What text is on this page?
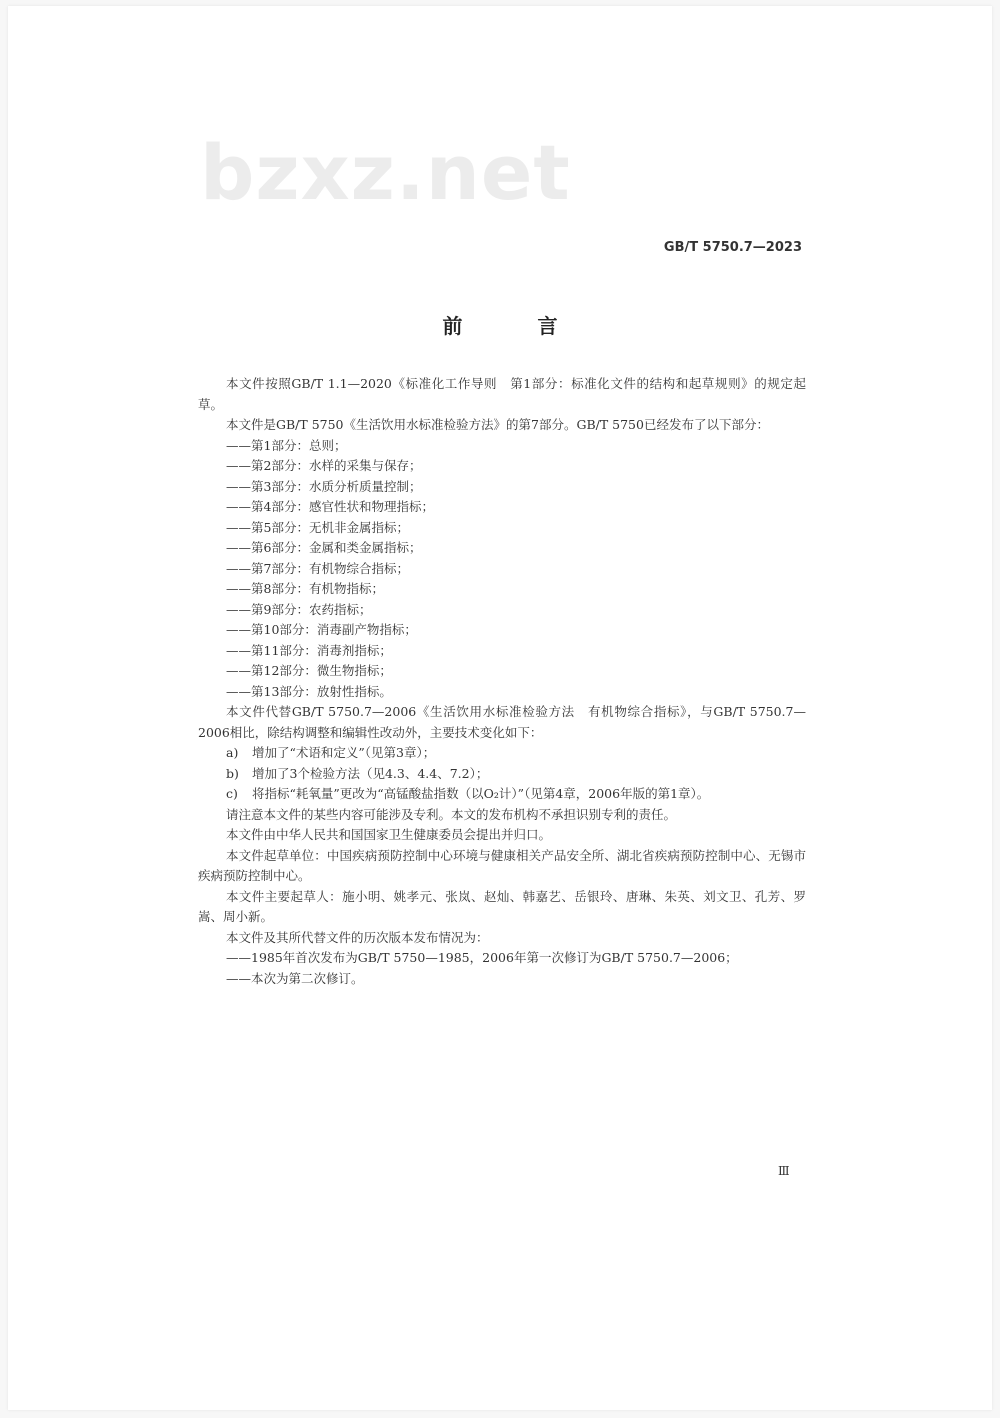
bzxz.net
GB/T 5750.7—2023
前 言

本文件按照GB/T 1.1—2020《标准化工作导则　第1部分：标准化文件的结构和起草规则》的规定起草。

本文件是GB/T 5750《生活饮用水标准检验方法》的第7部分。GB/T 5750已经发布了以下部分：

——第1部分：总则；

——第2部分：水样的采集与保存；

——第3部分：水质分析质量控制；

——第4部分：感官性状和物理指标；

——第5部分：无机非金属指标；

——第6部分：金属和类金属指标；

——第7部分：有机物综合指标；

——第8部分：有机物指标；

——第9部分：农药指标；

——第10部分：消毒副产物指标；

——第11部分：消毒剂指标；

——第12部分：微生物指标；

——第13部分：放射性指标。

本文件代替GB/T 5750.7—2006《生活饮用水标准检验方法　有机物综合指标》，与GB/T 5750.7—2006相比，除结构调整和编辑性改动外，主要技术变化如下：

a) 增加了“术语和定义”（见第3章）；

b) 增加了3个检验方法（见4.3、4.4、7.2）；

c) 将指标“耗氧量”更改为“高锰酸盐指数（以O₂计）”（见第4章，2006年版的第1章）。

请注意本文件的某些内容可能涉及专利。本文的发布机构不承担识别专利的责任。

本文件由中华人民共和国国家卫生健康委员会提出并归口。

本文件起草单位：中国疾病预防控制中心环境与健康相关产品安全所、湖北省疾病预防控制中心、无锡市疾病预防控制中心。

本文件主要起草人：施小明、姚孝元、张岚、赵灿、韩嘉艺、岳银玲、唐琳、朱英、刘文卫、孔芳、罗嵩、周小新。

本文件及其所代替文件的历次版本发布情况为：

——1985年首次发布为GB/T 5750—1985，2006年第一次修订为GB/T 5750.7—2006；

——本次为第二次修订。

Ⅲ
